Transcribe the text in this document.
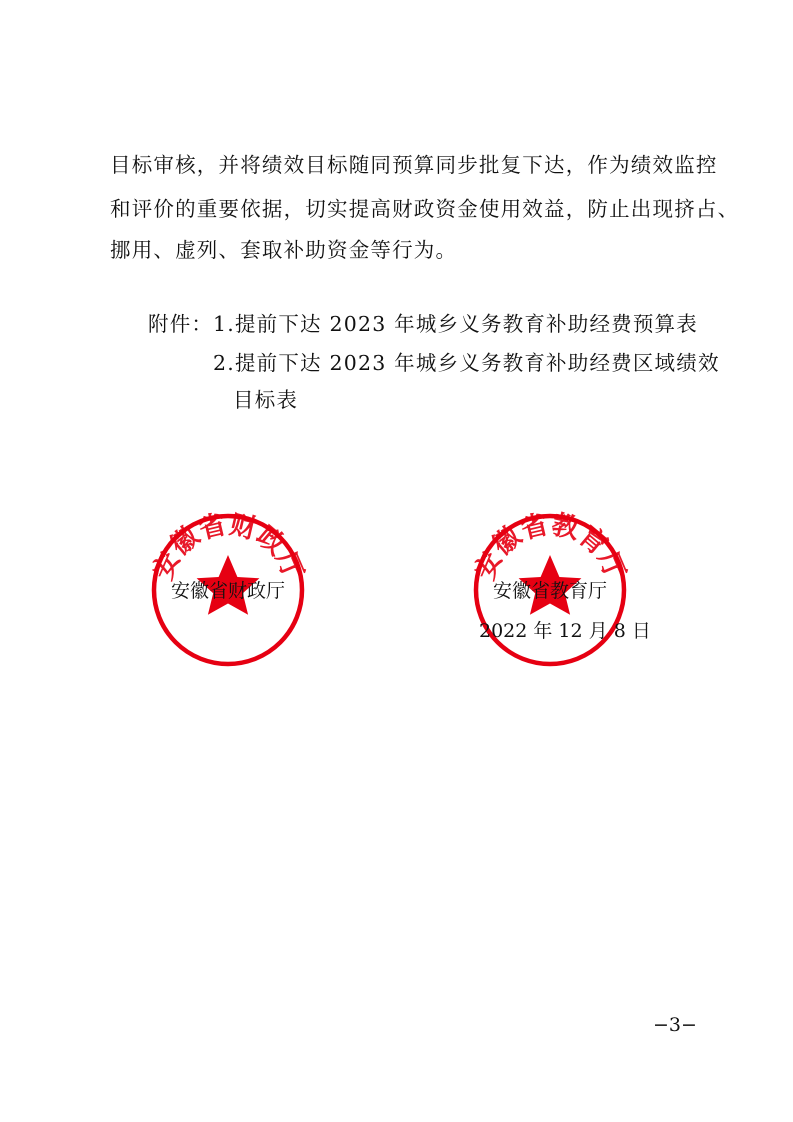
目标审核，并将绩效目标随同预算同步批复下达，作为绩效监控
和评价的重要依据，切实提高财政资金使用效益，防止出现挤占、
挪用、虚列、套取补助资金等行为。
附件： 1.提前下达 2023 年城乡义务教育补助经费预算表
2.提前下达 2023 年城乡义务教育补助经费区域绩效
目标表
安徽省财政厅	安徽省教育厅
安徽省财政厅	安徽省教育厅
2022 年 12 月 8 日
−3−
